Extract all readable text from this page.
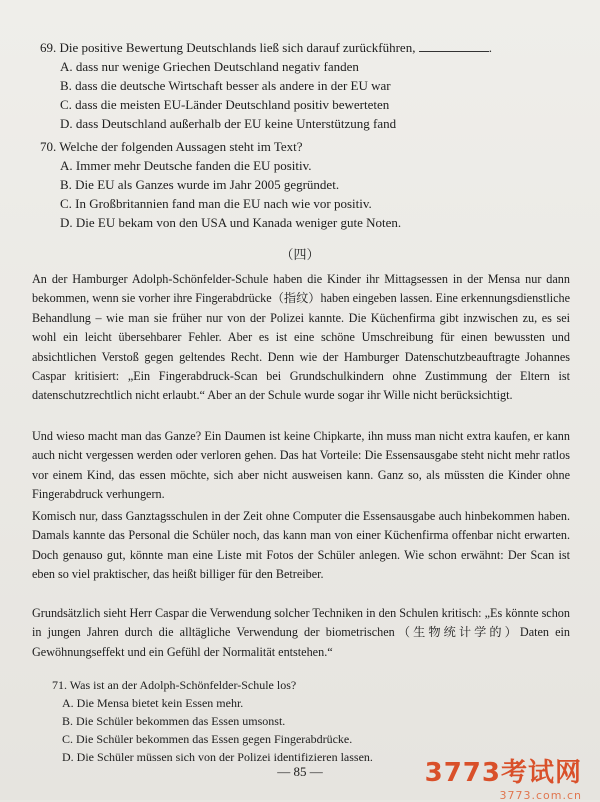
69. Die positive Bewertung Deutschlands ließ sich darauf zurückführen,	.

A. dass nur wenige Griechen Deutschland negativ fanden

B. dass die deutsche Wirtschaft besser als andere in der EU war

C. dass die meisten EU-Länder Deutschland positiv bewerteten

D. dass Deutschland außerhalb der EU keine Unterstützung fand

70. Welche der folgenden Aussagen steht im Text?

A. Immer mehr Deutsche fanden die EU positiv.

B. Die EU als Ganzes wurde im Jahr 2005 gegründet.

C. In Großbritannien fand man die EU nach wie vor positiv.

D. Die EU bekam von den USA und Kanada weniger gute Noten.

（四）

An der Hamburger Adolph-Schönfelder-Schule haben die Kinder ihr Mittagsessen in der Mensa nur dann bekommen, wenn sie vorher ihre Fingerabdrücke（指纹）haben eingeben lassen. Eine erkennungsdienstliche Behandlung – wie man sie früher nur von der Polizei kannte. Die Küchenfirma gibt inzwischen zu, es sei wohl ein leicht übersehbarer Fehler. Aber es ist eine schöne Umschreibung für einen bewussten und absichtlichen Verstoß gegen geltendes Recht. Denn wie der Hamburger Datenschutzbeauftragte Johannes Caspar kritisiert: „Ein Fingerabdruck-Scan bei Grundschulkindern ohne Zustimmung der Eltern ist datenschutzrechtlich nicht erlaubt.“ Aber an der Schule wurde sogar ihr Wille nicht berücksichtigt.

Und wieso macht man das Ganze? Ein Daumen ist keine Chipkarte, ihn muss man nicht extra kaufen, er kann auch nicht vergessen werden oder verloren gehen. Das hat Vorteile: Die Essensausgabe steht nicht mehr ratlos vor einem Kind, das essen möchte, sich aber nicht ausweisen kann. Ganz so, als müssten die Kinder ohne Fingerabdruck verhungern.

Komisch nur, dass Ganztagsschulen in der Zeit ohne Computer die Essensausgabe auch hinbekommen haben. Damals kannte das Personal die Schüler noch, das kann man von einer Küchenfirma offenbar nicht erwarten. Doch genauso gut, könnte man eine Liste mit Fotos der Schüler anlegen. Wie schon erwähnt: Der Scan ist eben so viel praktischer, das heißt billiger für den Betreiber.

Grundsätzlich sieht Herr Caspar die Verwendung solcher Techniken in den Schulen kritisch: „Es könnte schon in jungen Jahren durch die alltägliche Verwendung der biometrischen（生物统计学的）Daten ein Gewöhnungseffekt und ein Gefühl der Normalität entstehen.“

71. Was ist an der Adolph-Schönfelder-Schule los?
A. Die Mensa bietet kein Essen mehr.
B. Die Schüler bekommen das Essen umsonst.
C. Die Schüler bekommen das Essen gegen Fingerabdrücke.
D. Die Schüler müssen sich von der Polizei identifizieren lassen.
— 85 —	3773考试网
3773.com.cn
